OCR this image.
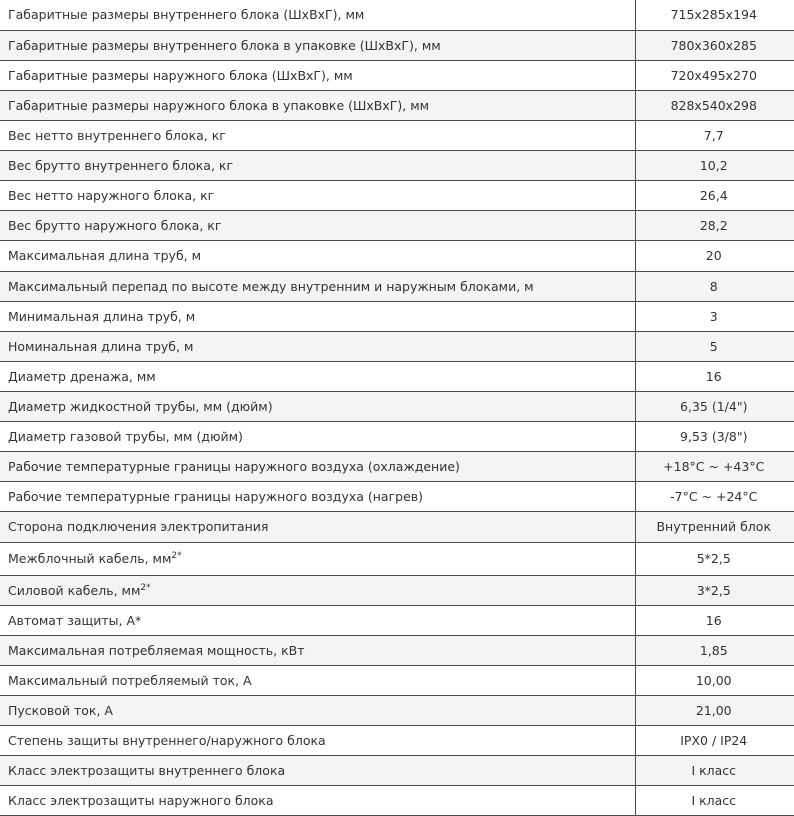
Габаритные размеры внутреннего блока (ШхВхГ), мм	715x285x194
Габаритные размеры внутреннего блока в упаковке (ШхВхГ), мм	780x360x285
Габаритные размеры наружного блока (ШхВхГ), мм	720x495x270
Габаритные размеры наружного блока в упаковке (ШхВхГ), мм	828x540x298
Вес нетто внутреннего блока, кг	7,7
Вес брутто внутреннего блока, кг	10,2
Вес нетто наружного блока, кг	26,4
Вес брутто наружного блока, кг	28,2
Максимальная длина труб, м	20
Максимальный перепад по высоте между внутренним и наружным блоками, м	8
Минимальная длина труб, м	3
Номинальная длина труб, м	5
Диаметр дренажа, мм	16
Диаметр жидкостной трубы, мм (дюйм)	6,35 (1/4")
Диаметр газовой трубы, мм (дюйм)	9,53 (3/8")
Рабочие температурные границы наружного воздуха (охлаждение)	+18°C ~ +43°C
Рабочие температурные границы наружного воздуха (нагрев)	-7°C ~ +24°C
Сторона подключения электропитания	Внутренний блок
Межблочный кабель, $мм^{2*}$	5*2,5
Силовой кабель, $мм^{2*}$	3*2,5
Автомат защиты, А*	16
Максимальная потребляемая мощность, кВт	1,85
Максимальный потребляемый ток, А	10,00
Пусковой ток, А	21,00
Степень защиты внутреннего/наружного блока	IPX0 / IP24
Класс электрозащиты внутреннего блока	I класс
Класс электрозащиты наружного блока	I класс
